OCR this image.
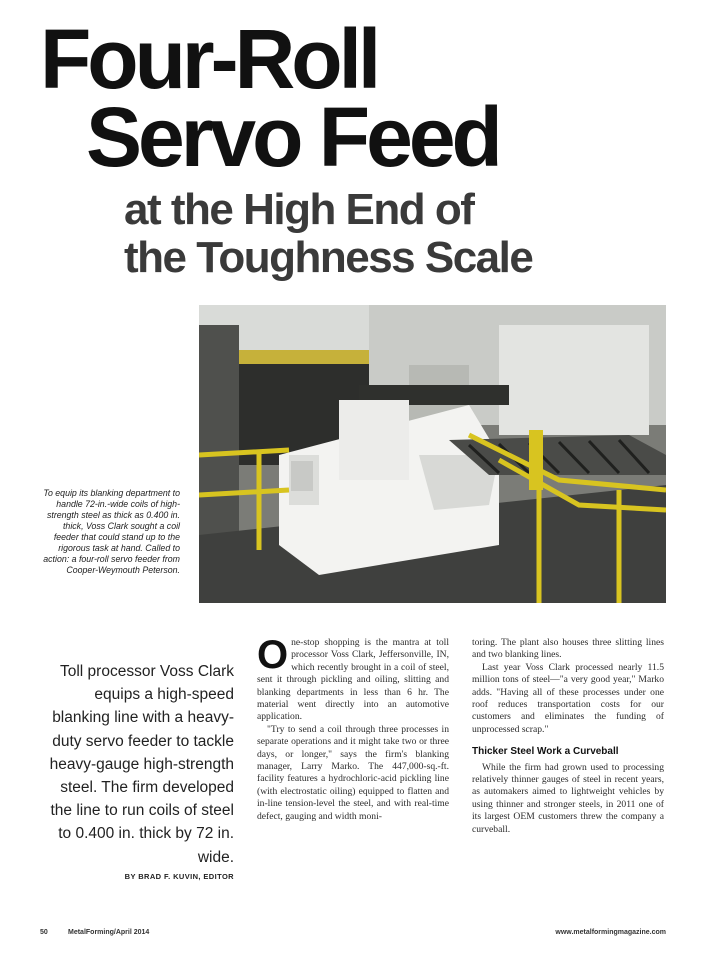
Four-Roll
Servo Feed
at the High End of
the Toughness Scale
To equip its blanking department to handle 72-in.-wide coils of high-strength steel as thick as 0.400 in. thick, Voss Clark sought a coil feeder that could stand up to the rigorous task at hand. Called to action: a four-roll servo feeder from Cooper-Weymouth Peterson.
Toll processor Voss Clark equips a high-speed blanking line with a heavy-duty servo feeder to tackle heavy-gauge high-strength steel. The firm developed the line to run coils of steel to 0.400 in. thick by 72 in. wide.
BY BRAD F. KUVIN, EDITOR

One-stop shopping is the mantra at toll processor Voss Clark, Jeffersonville, IN, which recently brought in a coil of steel, sent it through pickling and oiling, slitting and blanking departments in less than 6 hr. The material went directly into an automotive application.

"Try to send a coil through three processes in separate operations and it might take two or three days, or longer," says the firm's blanking manager, Larry Marko. The 447,000-sq.-ft. facility features a hydrochloric-acid pickling line (with electrostatic oiling) equipped to flatten and in-line tension-level the steel, and with real-time defect, gauging and width moni-

toring. The plant also houses three slitting lines and two blanking lines.

Last year Voss Clark processed nearly 11.5 million tons of steel—"a very good year," Marko adds. "Having all of these processes under one roof reduces transportation costs for our customers and eliminates the funding of unprocessed scrap."

Thicker Steel Work a Curveball

While the firm had grown used to processing relatively thinner gauges of steel in recent years, as automakers aimed to lightweight vehicles by using thinner and stronger steels, in 2011 one of its largest OEM customers threw the company a curveball.

50	MetalForming/April 2014	www.metalformingmagazine.com
